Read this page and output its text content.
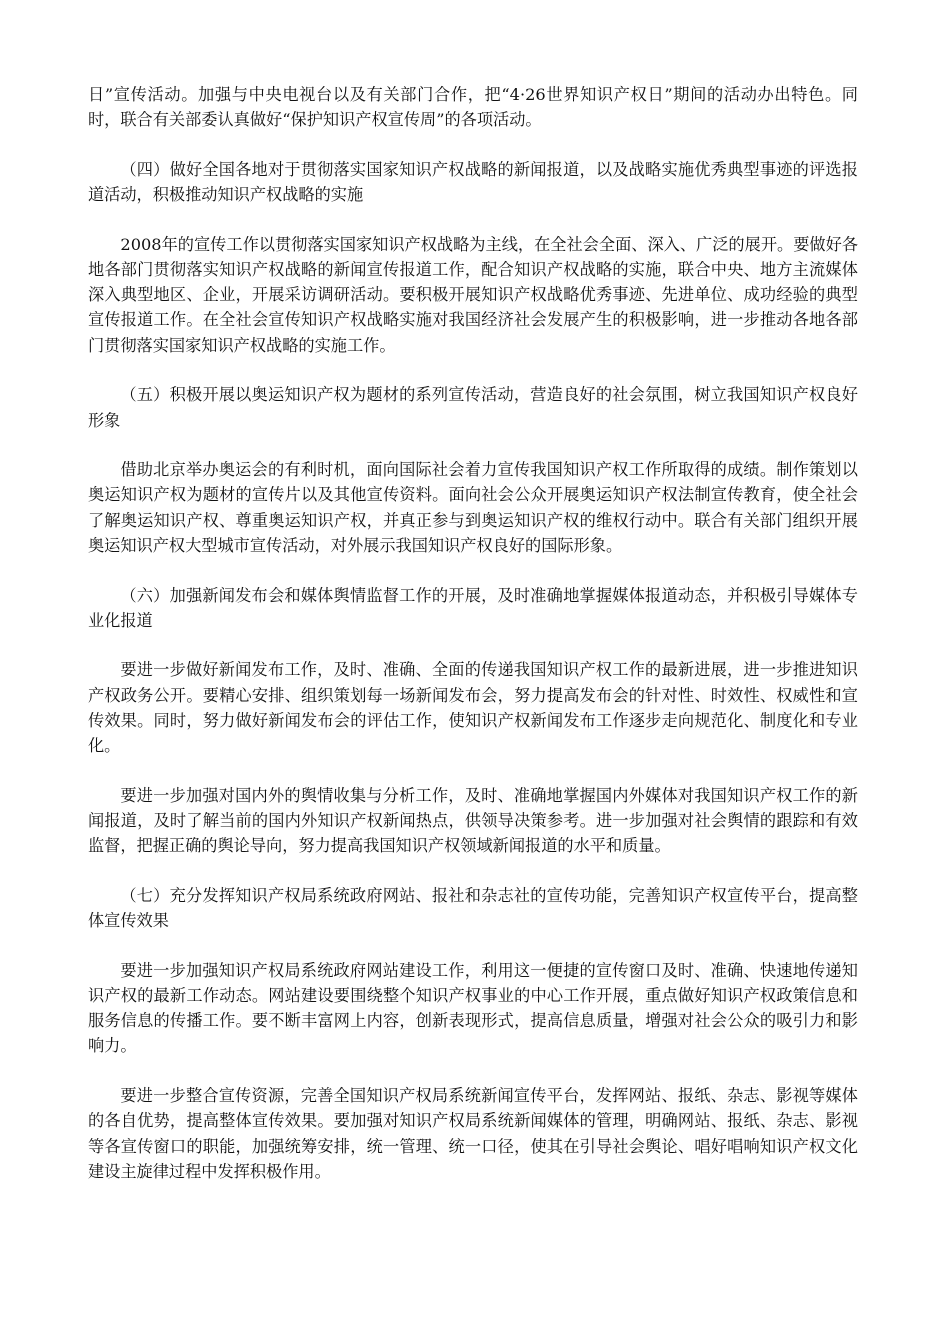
日”宣传活动。加强与中央电视台以及有关部门合作，把“4·26世界知识产权日”期间的活动办出特色。同时，联合有关部委认真做好“保护知识产权宣传周”的各项活动。

（四）做好全国各地对于贯彻落实国家知识产权战略的新闻报道，以及战略实施优秀典型事迹的评选报道活动，积极推动知识产权战略的实施

2008年的宣传工作以贯彻落实国家知识产权战略为主线，在全社会全面、深入、广泛的展开。要做好各地各部门贯彻落实知识产权战略的新闻宣传报道工作，配合知识产权战略的实施，联合中央、地方主流媒体深入典型地区、企业，开展采访调研活动。要积极开展知识产权战略优秀事迹、先进单位、成功经验的典型宣传报道工作。在全社会宣传知识产权战略实施对我国经济社会发展产生的积极影响，进一步推动各地各部门贯彻落实国家知识产权战略的实施工作。

（五）积极开展以奥运知识产权为题材的系列宣传活动，营造良好的社会氛围，树立我国知识产权良好形象

借助北京举办奥运会的有利时机，面向国际社会着力宣传我国知识产权工作所取得的成绩。制作策划以奥运知识产权为题材的宣传片以及其他宣传资料。面向社会公众开展奥运知识产权法制宣传教育，使全社会了解奥运知识产权、尊重奥运知识产权，并真正参与到奥运知识产权的维权行动中。联合有关部门组织开展奥运知识产权大型城市宣传活动，对外展示我国知识产权良好的国际形象。

（六）加强新闻发布会和媒体舆情监督工作的开展，及时准确地掌握媒体报道动态，并积极引导媒体专业化报道

要进一步做好新闻发布工作，及时、准确、全面的传递我国知识产权工作的最新进展，进一步推进知识产权政务公开。要精心安排、组织策划每一场新闻发布会，努力提高发布会的针对性、时效性、权威性和宣传效果。同时，努力做好新闻发布会的评估工作，使知识产权新闻发布工作逐步走向规范化、制度化和专业化。

要进一步加强对国内外的舆情收集与分析工作，及时、准确地掌握国内外媒体对我国知识产权工作的新闻报道，及时了解当前的国内外知识产权新闻热点，供领导决策参考。进一步加强对社会舆情的跟踪和有效监督，把握正确的舆论导向，努力提高我国知识产权领域新闻报道的水平和质量。

（七）充分发挥知识产权局系统政府网站、报社和杂志社的宣传功能，完善知识产权宣传平台，提高整体宣传效果

要进一步加强知识产权局系统政府网站建设工作，利用这一便捷的宣传窗口及时、准确、快速地传递知识产权的最新工作动态。网站建设要围绕整个知识产权事业的中心工作开展，重点做好知识产权政策信息和服务信息的传播工作。要不断丰富网上内容，创新表现形式，提高信息质量，增强对社会公众的吸引力和影响力。

要进一步整合宣传资源，完善全国知识产权局系统新闻宣传平台，发挥网站、报纸、杂志、影视等媒体的各自优势，提高整体宣传效果。要加强对知识产权局系统新闻媒体的管理，明确网站、报纸、杂志、影视等各宣传窗口的职能，加强统筹安排，统一管理、统一口径，使其在引导社会舆论、唱好唱响知识产权文化建设主旋律过程中发挥积极作用。
